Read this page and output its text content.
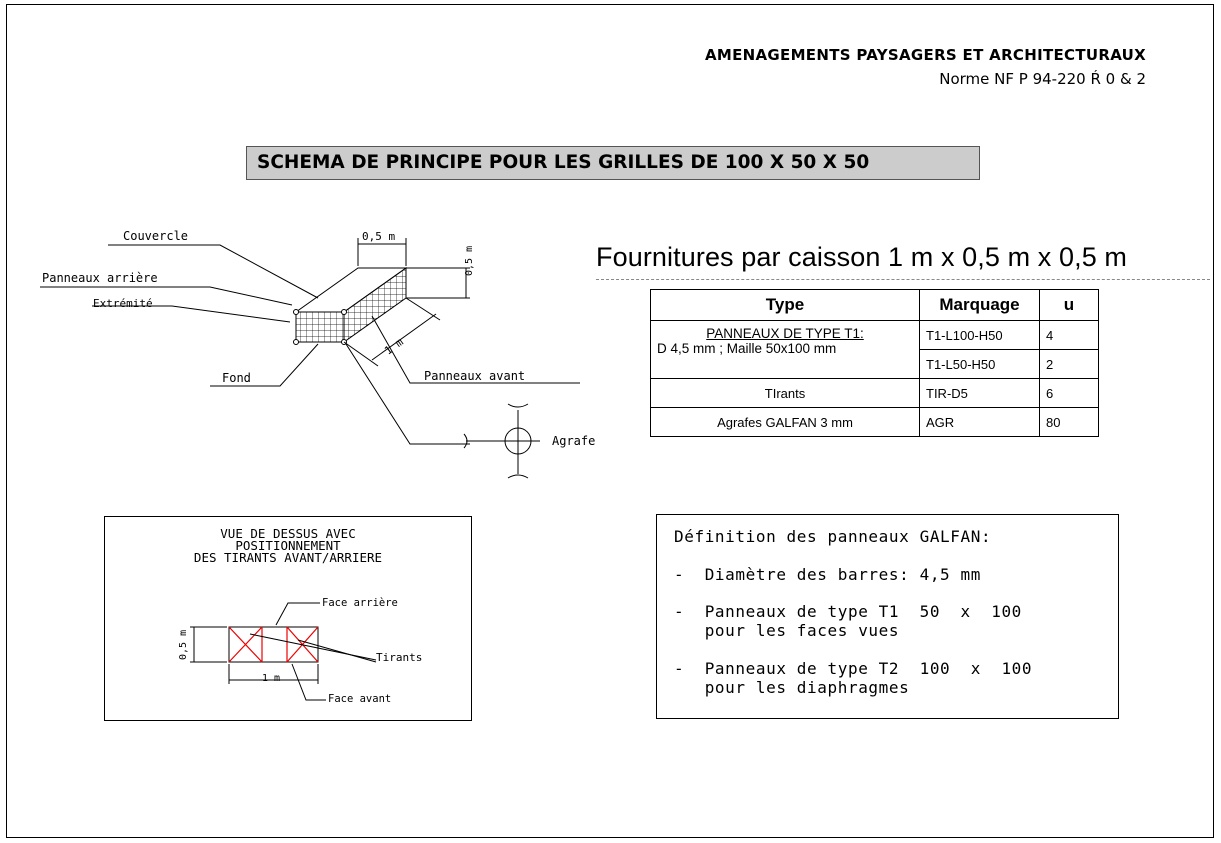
AMENAGEMENTS PAYSAGERS ET ARCHITECTURAUX
Norme NF P 94-220 Ŕ 0 & 2
SCHEMA DE PRINCIPE POUR LES GRILLES DE 100 X 50 X 50
Couvercle
Panneaux arrière
Extrémité
Fond	Panneaux avant
Agrafe
0,5 m
0,5 m
1 m
Fournitures par caisson 1 m x 0,5 m x 0,5 m
Type	Marquage	u

PANNEAUX DE TYPE T1:
D 4,5 mm ; Maille 50x100 mm	T1-L100-H50	4
	T1-L50-H50	2
TIrants	TIR-D5	6
Agrafes GALFAN 3 mm	AGR	80
VUE DE DESSUS AVEC
POSITIONNEMENT
DES TIRANTS AVANT/ARRIERE
Face arrière
Face avant
Tirants
0,5 m
1 m
Définition des panneaux GALFAN:
-  Diamètre des barres: 4,5 mm
-  Panneaux de type T1  50  x  100
pour les faces vues
-  Panneaux de type T2  100  x  100
pour les diaphragmes
